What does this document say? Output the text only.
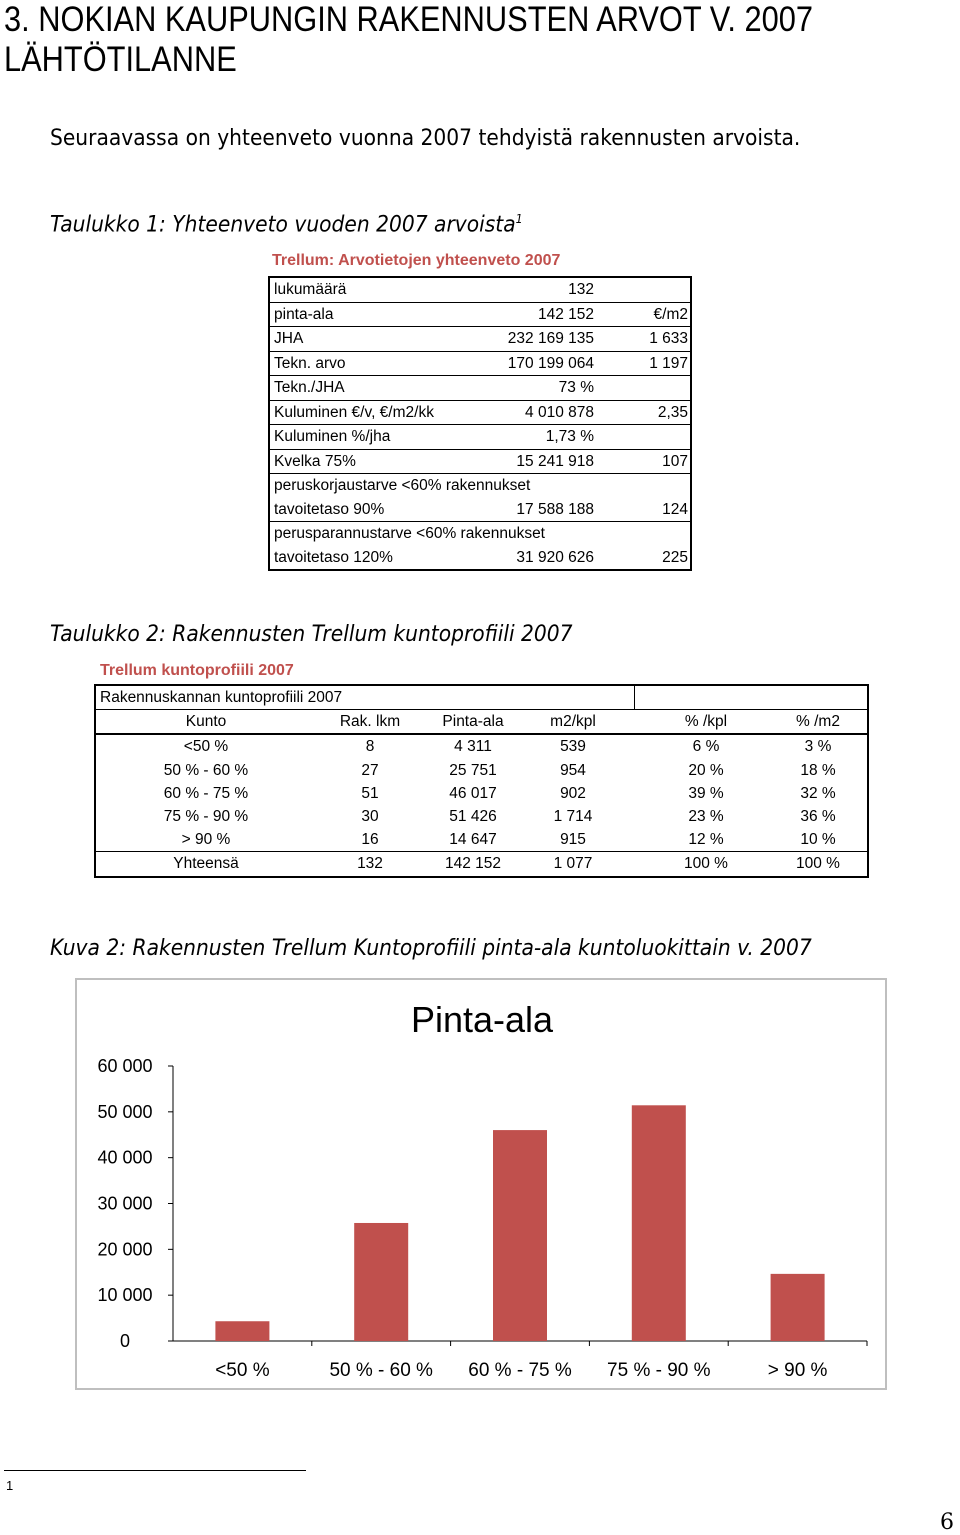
3. NOKIAN KAUPUNGIN RAKENNUSTEN ARVOT V. 2007
LÄHTÖTILANNE
Seuraavassa on yhteenveto vuonna 2007 tehdyistä rakennusten arvoista.
Taulukko 1: Yhteenveto vuoden 2007 arvoista$^1$
Trellum: Arvotietojen yhteenveto 2007
lukumäärä	132
pinta-ala	142 152	€/m2
JHA	232 169 135	1 633
Tekn. arvo	170 199 064	1 197
Tekn./JHA	73 %
Kuluminen €/v, €/m2/kk	4 010 878	2,35
Kuluminen %/jha	1,73 %
Kvelka 75%	15 241 918	107
peruskorjaustarve <60% rakennukset
tavoitetaso 90%	17 588 188	124
perusparannustarve <60% rakennukset
tavoitetaso 120%	31 920 626	225
Taulukko 2: Rakennusten Trellum kuntoprofiili 2007
Trellum kuntoprofiili 2007
Rakennuskannan kuntoprofiili 2007
Kunto	Rak. lkm	Pinta-ala	m2/kpl	% /kpl	% /m2
<50 %	8	4 311	539	6 %	3 %
50 % - 60 %	27	25 751	954	20 %	18 %
60 % - 75 %	51	46 017	902	39 %	32 %
75 % - 90 %	30	51 426	1 714	23 %	36 %
> 90 %	16	14 647	915	12 %	10 %
Yhteensä	132	142 152	1 077	100 %	100 %
Kuva 2: Rakennusten Trellum Kuntoprofiili pinta-ala kuntoluokittain v. 2007
Pinta-ala
0
10 000
20 000
30 000
40 000
50 000
60 000
<50 %	50 % - 60 % 60 % - 75 % 75 % - 90 %	> 90 %
1
6
